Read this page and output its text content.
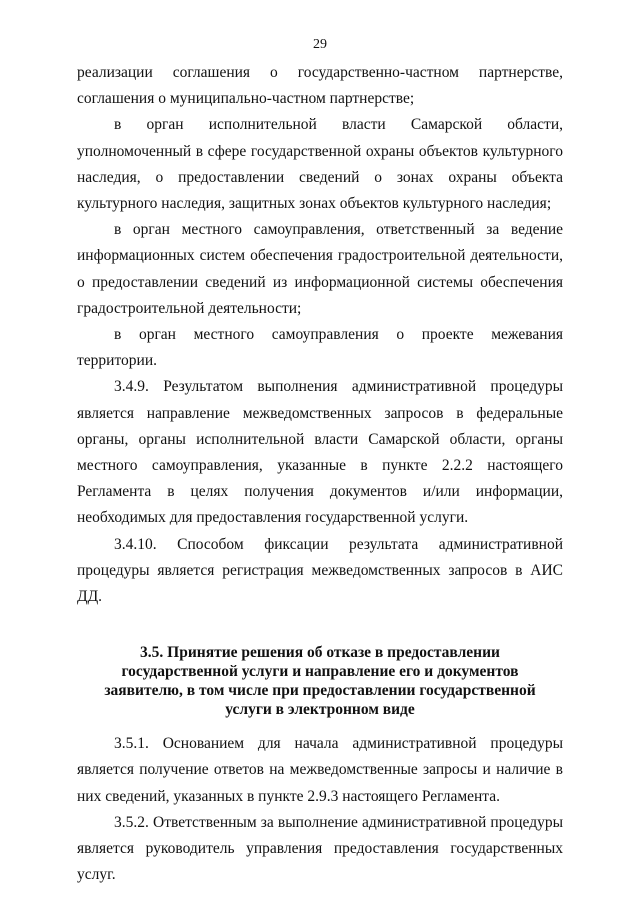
29

реализации соглашения о государственно-частном партнерстве, соглашения о муниципально-частном партнерстве;

в орган исполнительной власти Самарской области, уполномоченный в сфере государственной охраны объектов культурного наследия, о предоставлении сведений о зонах охраны объекта культурного наследия, защитных зонах объектов культурного наследия;

в орган местного самоуправления, ответственный за ведение информационных систем обеспечения градостроительной деятельности, о предоставлении сведений из информационной системы обеспечения градостроительной деятельности;

в орган местного самоуправления о проекте межевания территории.

3.4.9. Результатом выполнения административной процедуры является направление межведомственных запросов в федеральные органы, органы исполнительной власти Самарской области, органы местного самоуправления, указанные в пункте 2.2.2 настоящего Регламента в целях получения документов и/или информации, необходимых для предоставления государственной услуги.

3.4.10. Способом фиксации результата административной процедуры является регистрация межведомственных запросов в АИС ДД.

3.5. Принятие решения об отказе в предоставлении государственной услуги и направление его и документов заявителю, в том числе при предоставлении государственной услуги в электронном виде

3.5.1. Основанием для начала административной процедуры является получение ответов на межведомственные запросы и наличие в них сведений, указанных в пункте 2.9.3 настоящего Регламента.

3.5.2. Ответственным за выполнение административной процедуры является руководитель управления предоставления государственных услуг.
